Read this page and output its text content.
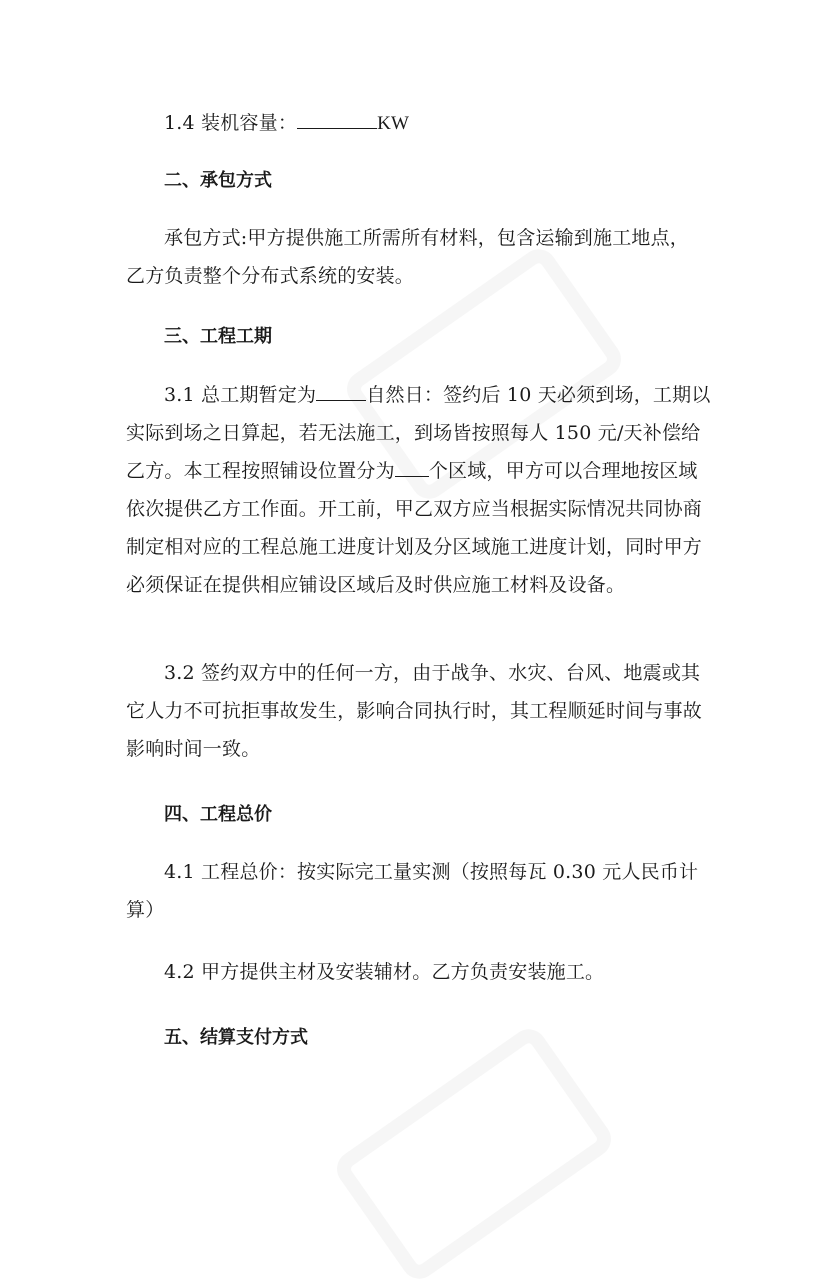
1.4 装机容量：	KW
二、承包方式
承包方式:甲方提供施工所需所有材料，包含运输到施工地点，
乙方负责整个分布式系统的安装。
三、工程工期
3.1 总工期暂定为	自然日：签约后 10 天必须到场，工期以
实际到场之日算起，若无法施工，到场皆按照每人 150 元/天补偿给
乙方。本工程按照铺设位置分为 个区域，甲方可以合理地按区域
依次提供乙方工作面。开工前，甲乙双方应当根据实际情况共同协商
制定相对应的工程总施工进度计划及分区域施工进度计划，同时甲方
必须保证在提供相应铺设区域后及时供应施工材料及设备。
3.2 签约双方中的任何一方，由于战争、水灾、台风、地震或其
它人力不可抗拒事故发生，影响合同执行时，其工程顺延时间与事故
影响时间一致。
四、工程总价
4.1 工程总价：按实际完工量实测（按照每瓦 0.30 元人民币计
算）
4.2 甲方提供主材及安装辅材。乙方负责安装施工。
五、结算支付方式
